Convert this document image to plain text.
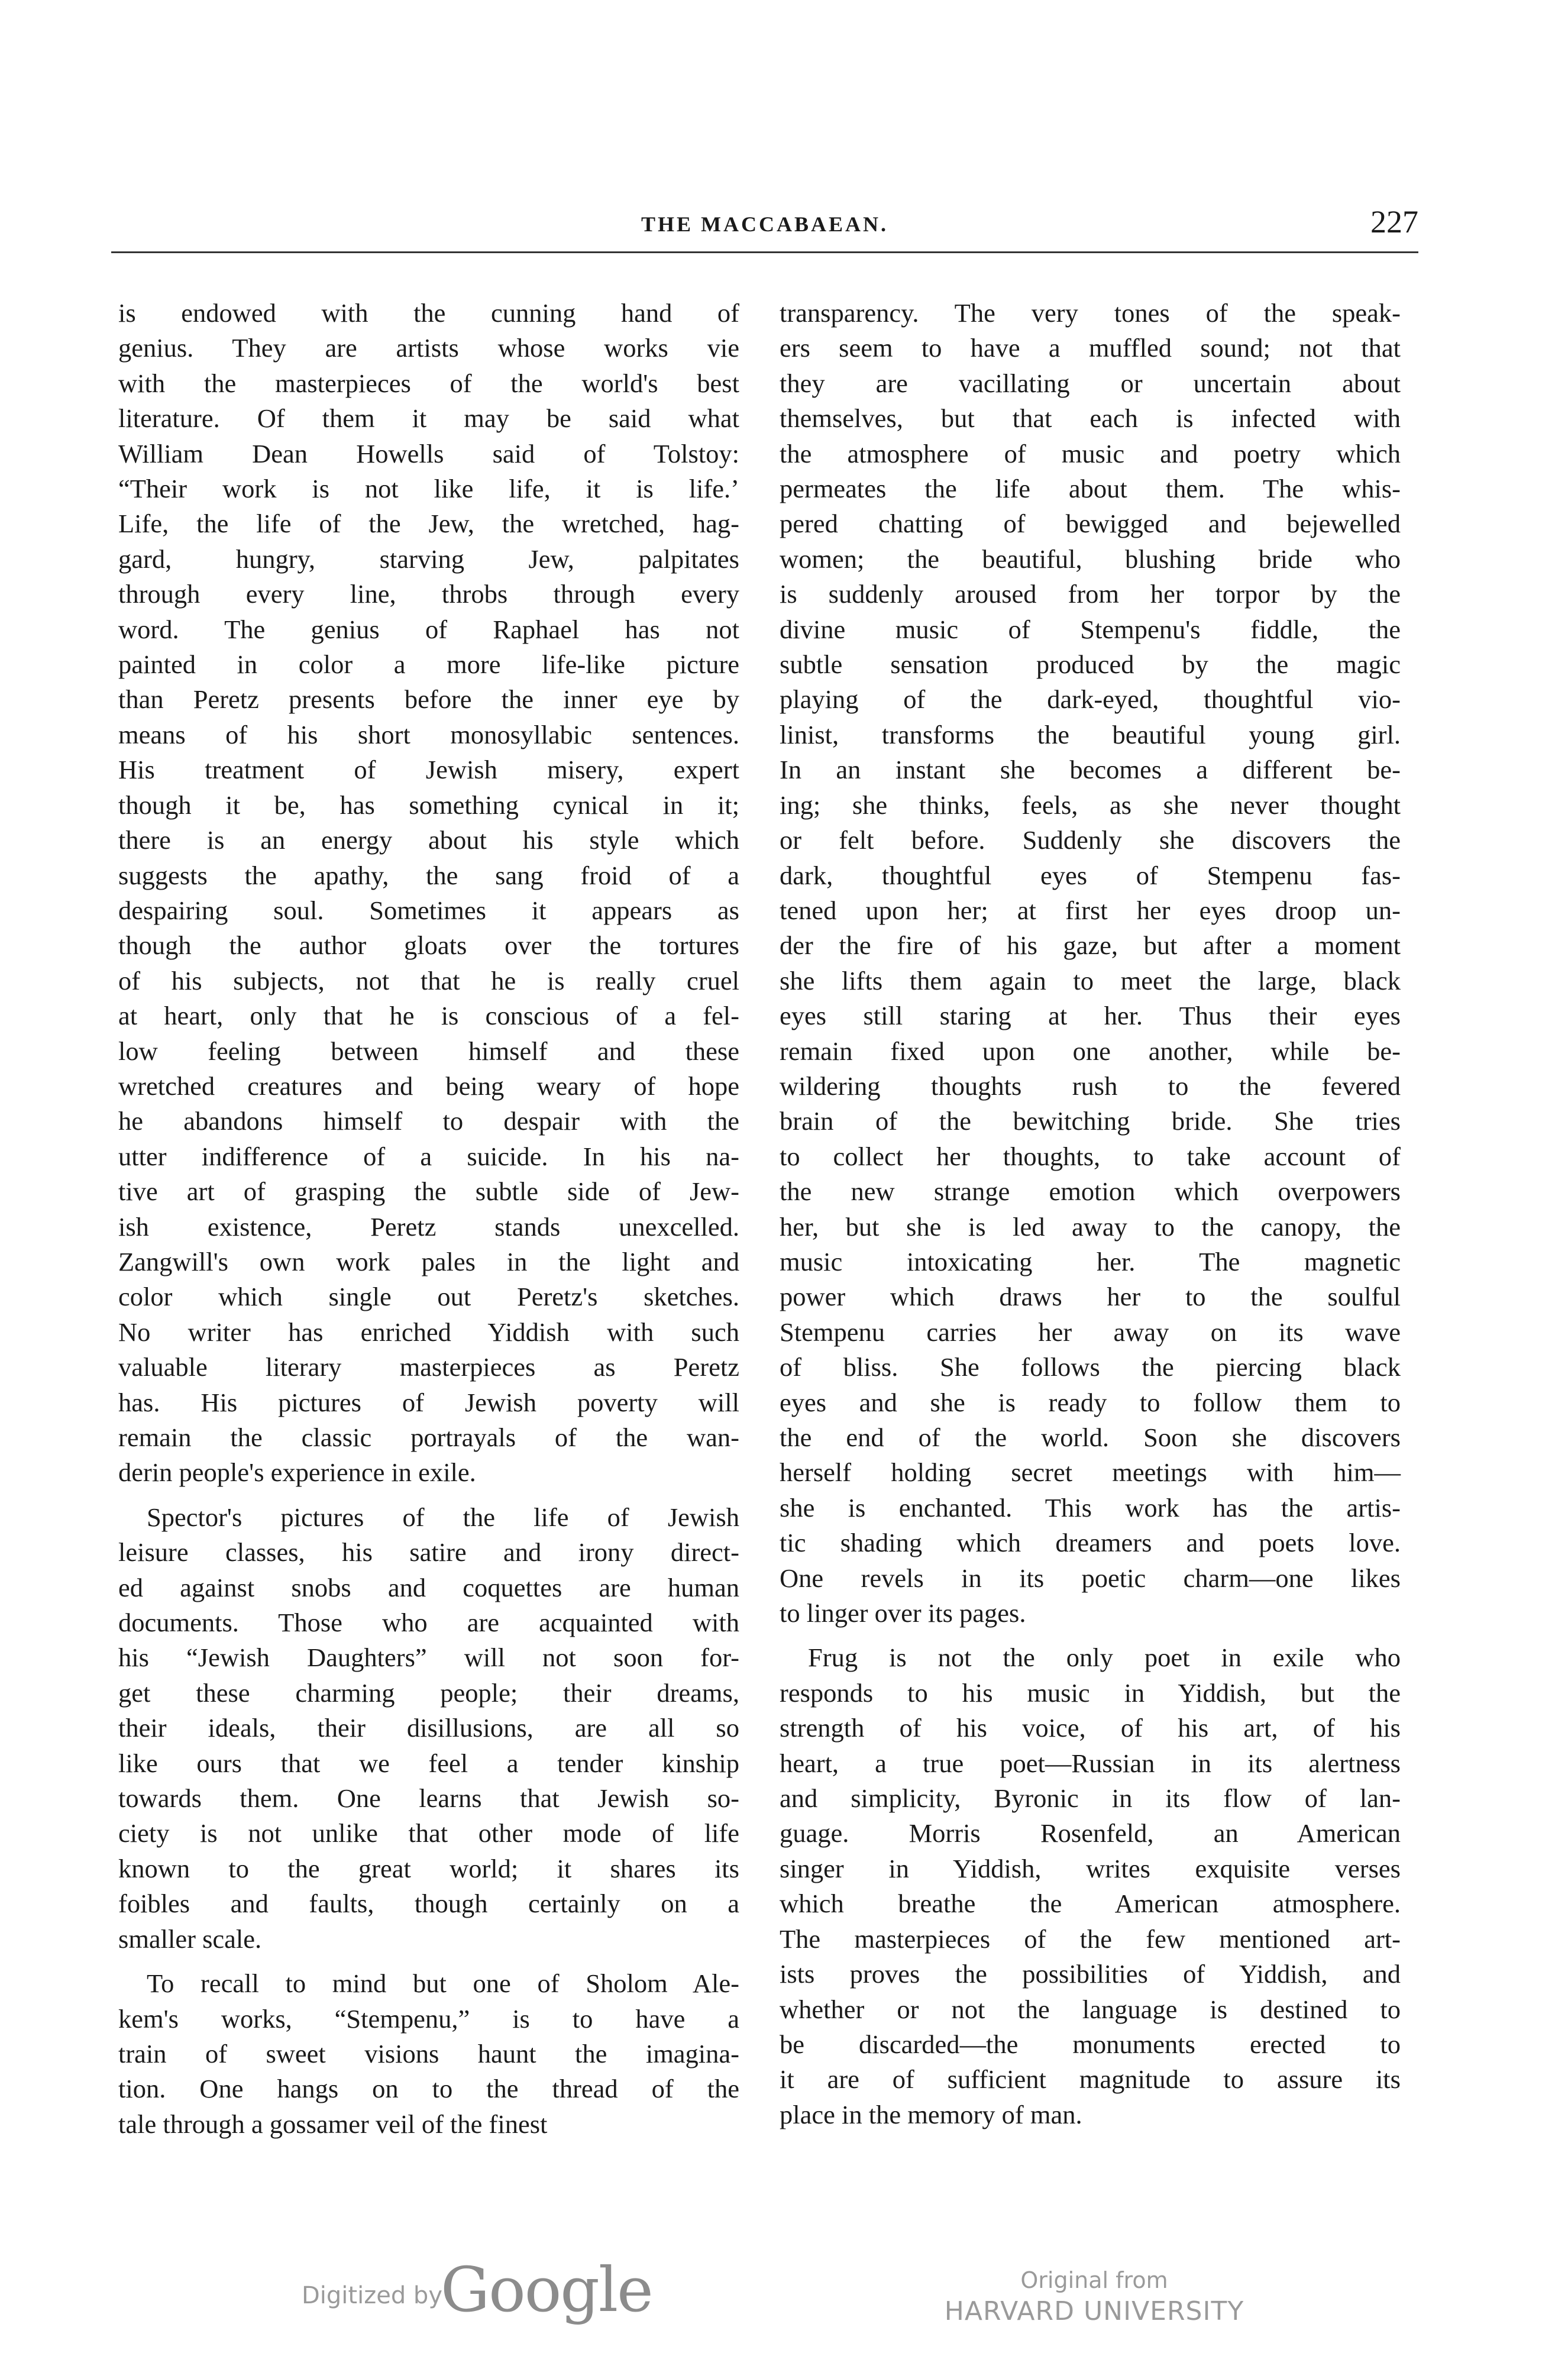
THE MACCABAEAN.	227
is endowed with the cunning hand of
genius. They are artists whose works vie
with the masterpieces of the world's best
literature. Of them it may be said what
William Dean Howells said of Tolstoy:
“Their work is not like life, it is life.’
Life, the life of the Jew, the wretched, hag-
gard, hungry, starving Jew, palpitates
through every line, throbs through every
word. The genius of Raphael has not
painted in color a more life-like picture
than Peretz presents before the inner eye by
means of his short monosyllabic sentences.
His treatment of Jewish misery, expert
though it be, has something cynical in it;
there is an energy about his style which
suggests the apathy, the sang froid of a
despairing soul. Sometimes it appears as
though the author gloats over the tortures
of his subjects, not that he is really cruel
at heart, only that he is conscious of a fel-
low feeling between himself and these
wretched creatures and being weary of hope
he abandons himself to despair with the
utter indifference of a suicide. In his na-
tive art of grasping the subtle side of Jew-
ish existence, Peretz stands unexcelled.
Zangwill's own work pales in the light and
color which single out Peretz's sketches.
No writer has enriched Yiddish with such
valuable literary masterpieces as Peretz
has. His pictures of Jewish poverty will
remain the classic portrayals of the wan-
derin people's experience in exile.
Spector's pictures of the life of Jewish
leisure classes, his satire and irony direct-
ed against snobs and coquettes are human
documents. Those who are acquainted with
his “Jewish Daughters” will not soon for-
get these charming people; their dreams,
their ideals, their disillusions, are all so
like ours that we feel a tender kinship
towards them. One learns that Jewish so-
ciety is not unlike that other mode of life
known to the great world; it shares its
foibles and faults, though certainly on a
smaller scale.
To recall to mind but one of Sholom Ale-
kem's works, “Stempenu,” is to have a
train of sweet visions haunt the imagina-
tion. One hangs on to the thread of the
tale through a gossamer veil of the finest
transparency. The very tones of the speak-
ers seem to have a muffled sound; not that
they are vacillating or uncertain about
themselves, but that each is infected with
the atmosphere of music and poetry which
permeates the life about them. The whis-
pered chatting of bewigged and bejewelled
women; the beautiful, blushing bride who
is suddenly aroused from her torpor by the
divine music of Stempenu's fiddle, the
subtle sensation produced by the magic
playing of the dark-eyed, thoughtful vio-
linist, transforms the beautiful young girl.
In an instant she becomes a different be-
ing; she thinks, feels, as she never thought
or felt before. Suddenly she discovers the
dark, thoughtful eyes of Stempenu fas-
tened upon her; at first her eyes droop un-
der the fire of his gaze, but after a moment
she lifts them again to meet the large, black
eyes still staring at her. Thus their eyes
remain fixed upon one another, while be-
wildering thoughts rush to the fevered
brain of the bewitching bride. She tries
to collect her thoughts, to take account of
the new strange emotion which overpowers
her, but she is led away to the canopy, the
music intoxicating her. The magnetic
power which draws her to the soulful
Stempenu carries her away on its wave
of bliss. She follows the piercing black
eyes and she is ready to follow them to
the end of the world. Soon she discovers
herself holding secret meetings with him—
she is enchanted. This work has the artis-
tic shading which dreamers and poets love.
One revels in its poetic charm—one likes
to linger over its pages.
Frug is not the only poet in exile who
responds to his music in Yiddish, but the
strength of his voice, of his art, of his
heart, a true poet—Russian in its alertness
and simplicity, Byronic in its flow of lan-
guage. Morris Rosenfeld, an American
singer in Yiddish, writes exquisite verses
which breathe the American atmosphere.
The masterpieces of the few mentioned art-
ists proves the possibilities of Yiddish, and
whether or not the language is destined to
be discarded—the monuments erected to
it are of sufficient magnitude to assure its
place in the memory of man.
Digitized by
Google	Original from
HARVARD UNIVERSITY
